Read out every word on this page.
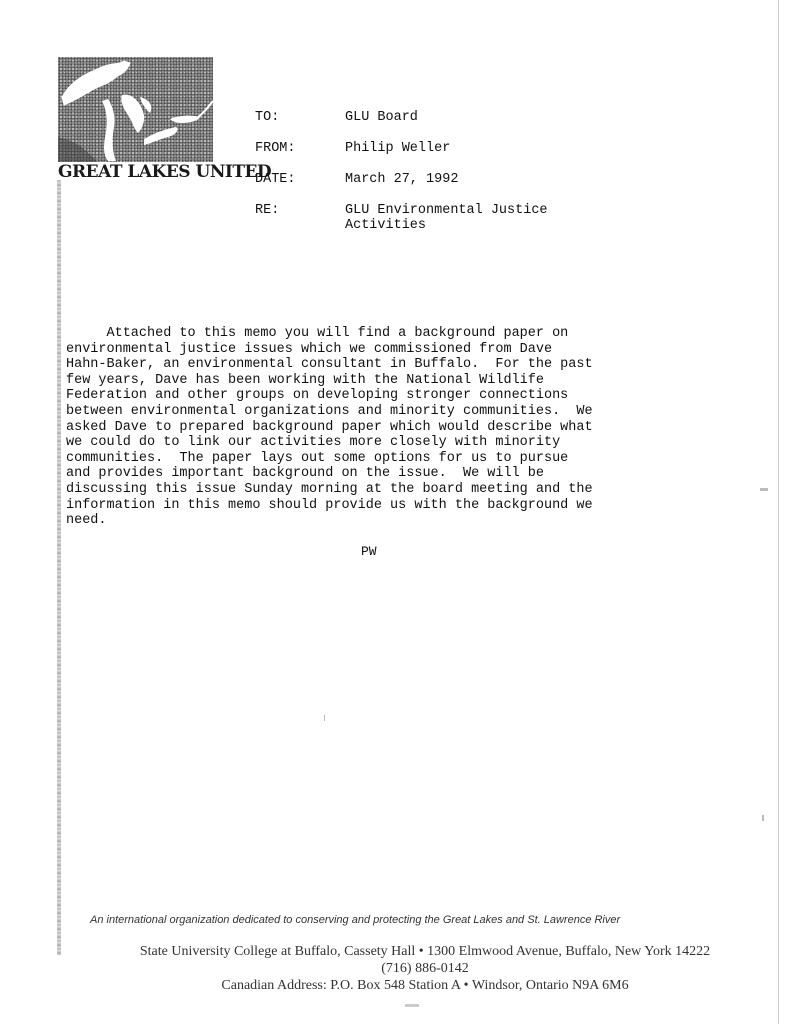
GREAT LAKES UNITED
TO:	GLU Board
FROM:	Philip Weller
DATE:	March 27, 1992
RE:	GLU Environmental Justice
Activities
Attached to this memo you will find a background paper on
environmental justice issues which we commissioned from Dave
Hahn-Baker, an environmental consultant in Buffalo.  For the past
few years, Dave has been working with the National Wildlife
Federation and other groups on developing stronger connections
between environmental organizations and minority communities.  We
asked Dave to prepared background paper which would describe what
we could do to link our activities more closely with minority
communities.  The paper lays out some options for us to pursue
and provides important background on the issue.  We will be
discussing this issue Sunday morning at the board meeting and the
information in this memo should provide us with the background we
need.
PW
An international organization dedicated to conserving and protecting the Great Lakes and St. Lawrence River
State University College at Buffalo, Cassety Hall • 1300 Elmwood Avenue, Buffalo, New York 14222
(716) 886-0142
Canadian Address: P.O. Box 548 Station A • Windsor, Ontario N9A 6M6
